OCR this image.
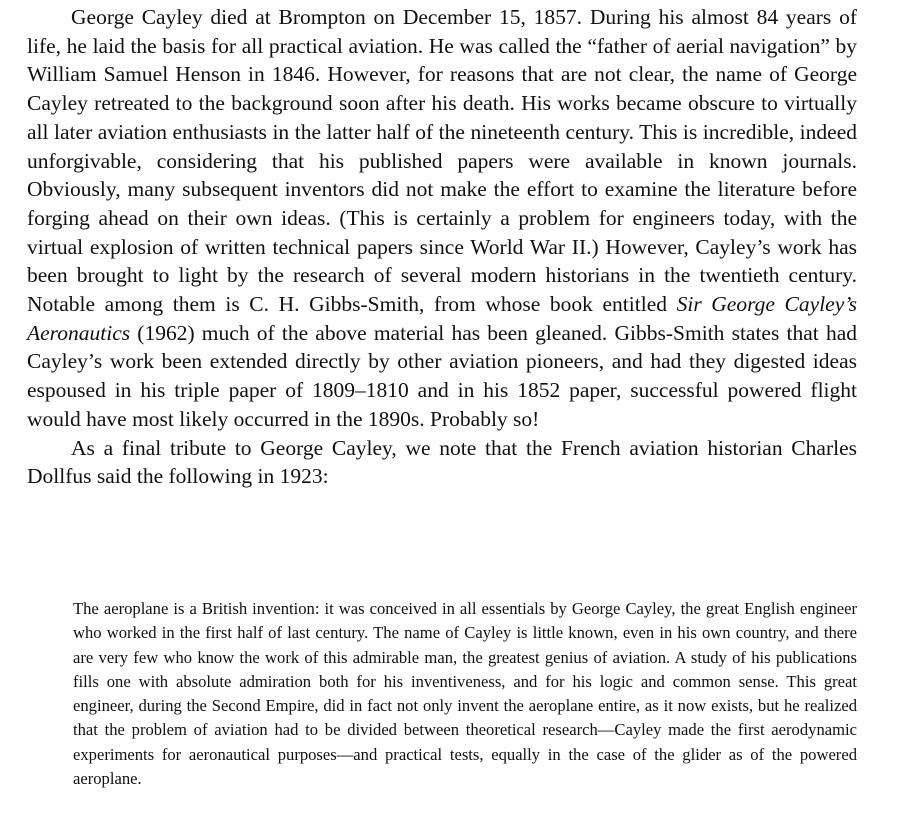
George Cayley died at Brompton on December 15, 1857. During his almost 84 years of life, he laid the basis for all practical aviation. He was called the “father of aerial navigation” by William Samuel Henson in 1846. However, for reasons that are not clear, the name of George Cayley retreated to the background soon after his death. His works became obscure to virtually all later aviation enthusiasts in the latter half of the nineteenth century. This is incredible, indeed unforgivable, considering that his published papers were available in known journals. Obviously, many subsequent inventors did not make the effort to examine the literature before forging ahead on their own ideas. (This is certainly a problem for engineers today, with the virtual explosion of written technical papers since World War II.) However, Cayley’s work has been brought to light by the research of several modern historians in the twentieth century. Notable among them is C. H. Gibbs-Smith, from whose book entitled Sir George Cayley’s Aeronautics (1962) much of the above material has been gleaned. Gibbs-Smith states that had Cayley’s work been extended directly by other aviation pioneers, and had they digested ideas espoused in his triple paper of 1809–1810 and in his 1852 paper, successful powered flight would have most likely occurred in the 1890s. Probably so!

As a final tribute to George Cayley, we note that the French aviation historian Charles Dollfus said the following in 1923:

The aeroplane is a British invention: it was conceived in all essentials by George Cayley, the great English engineer who worked in the first half of last century. The name of Cayley is little known, even in his own country, and there are very few who know the work of this admirable man, the greatest genius of aviation. A study of his publications fills one with absolute admiration both for his inventiveness, and for his logic and common sense. This great engineer, during the Second Empire, did in fact not only invent the aeroplane entire, as it now exists, but he realized that the problem of aviation had to be divided between theoretical research—Cayley made the first aerodynamic experiments for aeronautical purposes—and practical tests, equally in the case of the glider as of the powered aeroplane.
